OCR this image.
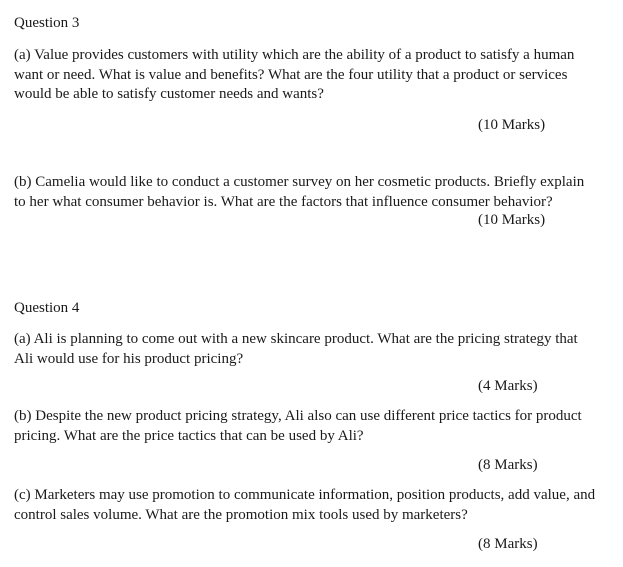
Question 3
(a) Value provides customers with utility which are the ability of a product to satisfy a human
want or need. What is value and benefits? What are the four utility that a product or services
would be able to satisfy customer needs and wants?
(10 Marks)
(b) Camelia would like to conduct a customer survey on her cosmetic products. Briefly explain
to her what consumer behavior is. What are the factors that influence consumer behavior?
(10 Marks)
Question 4
(a) Ali is planning to come out with a new skincare product. What are the pricing strategy that
Ali would use for his product pricing?
(4 Marks)
(b) Despite the new product pricing strategy, Ali also can use different price tactics for product
pricing. What are the price tactics that can be used by Ali?
(8 Marks)
(c) Marketers may use promotion to communicate information, position products, add value, and
control sales volume. What are the promotion mix tools used by marketers?
(8 Marks)
